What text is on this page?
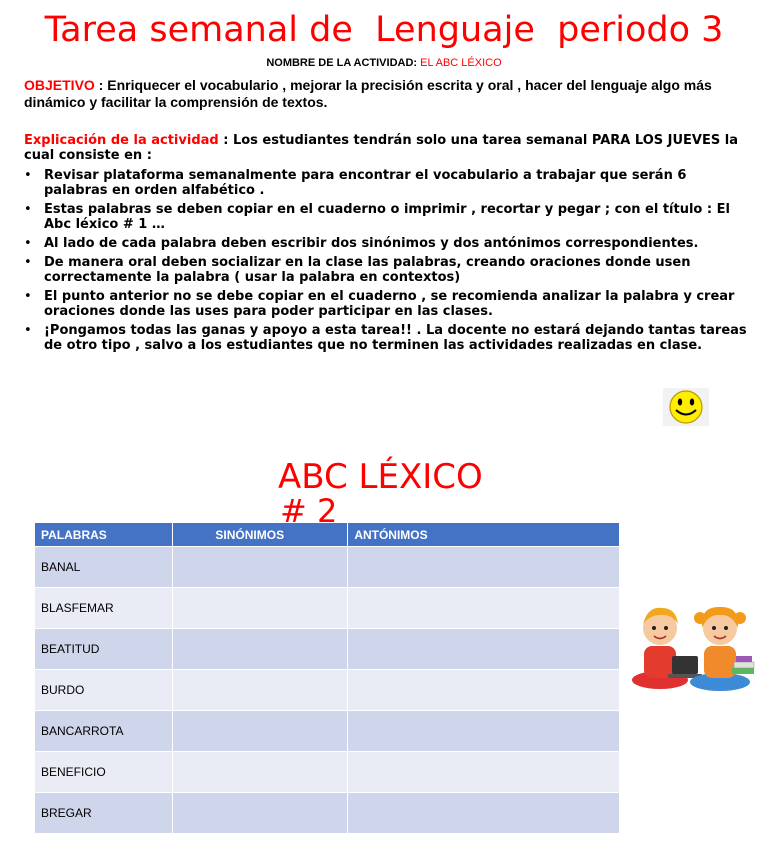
Tarea semanal de  Lenguaje  periodo 3
NOMBRE DE LA ACTIVIDAD: EL ABC LÉXICO
OBJETIVO : Enriquecer el vocabulario , mejorar la precisión escrita y oral , hacer del lenguaje algo más dinámico y facilitar la comprensión de textos.
Explicación de la actividad : Los estudiantes tendrán solo una tarea semanal PARA LOS JUEVES la cual consiste en :
• Revisar plataforma semanalmente para encontrar el vocabulario a trabajar que serán 6 palabras en orden alfabético .
• Estas palabras se deben copiar en el cuaderno o imprimir , recortar y pegar ; con el título : El Abc léxico # 1 …
• Al lado de cada palabra deben escribir dos sinónimos y dos antónimos correspondientes.
• De manera oral deben socializar en la clase las palabras, creando oraciones donde usen correctamente la palabra ( usar la palabra en contextos)
• El punto anterior no se debe copiar en el cuaderno , se recomienda analizar la palabra y crear oraciones donde las uses para poder participar en las clases.
• ¡Pongamos todas las ganas y apoyo a esta tarea!! . La docente no estará dejando tantas tareas de otro tipo , salvo a los estudiantes que no terminen las actividades realizadas en clase.
ABC LÉXICO
# 2
PALABRAS	SINÓNIMOS	ANTÓNIMOS
BANAL		
BLASFEMAR		
BEATITUD		
BURDO		
BANCARROTA		
BENEFICIO		
BREGAR		
